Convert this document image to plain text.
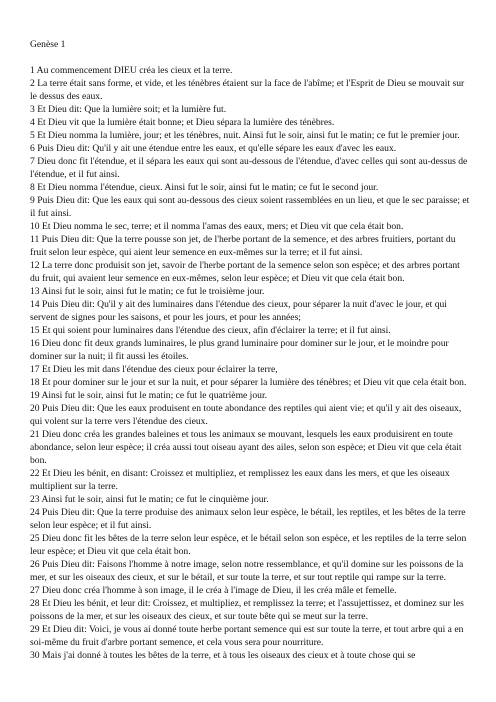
Genèse 1

1 Au commencement DIEU créa les cieux et la terre.

2 La terre était sans forme, et vide, et les ténèbres étaient sur la face de l'abîme; et l'Esprit de Dieu se mouvait sur le dessus des eaux.

3 Et Dieu dit: Que la lumière soit; et la lumière fut.

4 Et Dieu vit que la lumière était bonne; et Dieu sépara la lumière des ténèbres.

5 Et Dieu nomma la lumière, jour; et les ténèbres, nuit. Ainsi fut le soir, ainsi fut le matin; ce fut le premier jour.

6 Puis Dieu dit: Qu'il y ait une étendue entre les eaux, et qu'elle sépare les eaux d'avec les eaux.

7 Dieu donc fit l'étendue, et il sépara les eaux qui sont au-dessous de l'étendue, d'avec celles qui sont au-dessus de l'étendue, et il fut ainsi.

8 Et Dieu nomma l'étendue, cieux. Ainsi fut le soir, ainsi fut le matin; ce fut le second jour.

9 Puis Dieu dit: Que les eaux qui sont au-dessous des cieux soient rassemblées en un lieu, et que le sec paraisse; et il fut ainsi.

10 Et Dieu nomma le sec, terre; et il nomma l'amas des eaux, mers; et Dieu vit que cela était bon.

11 Puis Dieu dit: Que la terre pousse son jet, de l'herbe portant de la semence, et des arbres fruitiers, portant du fruit selon leur espèce, qui aient leur semence en eux-mêmes sur la terre; et il fut ainsi.

12 La terre donc produisit son jet, savoir de l'herbe portant de la semence selon son espèce; et des arbres portant du fruit, qui avaient leur semence en eux-mêmes, selon leur espèce; et Dieu vit que cela était bon.

13 Ainsi fut le soir, ainsi fut le matin; ce fut le troisième jour.

14 Puis Dieu dit: Qu'il y ait des luminaires dans l'étendue des cieux, pour séparer la nuit d'avec le jour, et qui servent de signes pour les saisons, et pour les jours, et pour les années;

15 Et qui soient pour luminaires dans l'étendue des cieux, afin d'éclairer la terre; et il fut ainsi.

16 Dieu donc fit deux grands luminaires, le plus grand luminaire pour dominer sur le jour, et le moindre pour dominer sur la nuit; il fit aussi les étoiles.

17 Et Dieu les mit dans l'étendue des cieux pour éclairer la terre,

18 Et pour dominer sur le jour et sur la nuit, et pour séparer la lumière des ténèbres; et Dieu vit que cela était bon.

19 Ainsi fut le soir, ainsi fut le matin; ce fut le quatrième jour.

20 Puis Dieu dit: Que les eaux produisent en toute abondance des reptiles qui aient vie; et qu'il y ait des oiseaux, qui volent sur la terre vers l'étendue des cieux.

21 Dieu donc créa les grandes baleines et tous les animaux se mouvant, lesquels les eaux produisirent en toute abondance, selon leur espèce; il créa aussi tout oiseau ayant des ailes, selon son espèce; et Dieu vit que cela était bon.

22 Et Dieu les bénit, en disant: Croissez et multipliez, et remplissez les eaux dans les mers, et que les oiseaux multiplient sur la terre.

23 Ainsi fut le soir, ainsi fut le matin; ce fut le cinquième jour.

24 Puis Dieu dit: Que la terre produise des animaux selon leur espèce, le bétail, les reptiles, et les bêtes de la terre selon leur espèce; et il fut ainsi.

25 Dieu donc fit les bêtes de la terre selon leur espèce, et le bétail selon son espèce, et les reptiles de la terre selon leur espèce; et Dieu vit que cela était bon.

26 Puis Dieu dit: Faisons l'homme à notre image, selon notre ressemblance, et qu'il domine sur les poissons de la mer, et sur les oiseaux des cieux, et sur le bétail, et sur toute la terre, et sur tout reptile qui rampe sur la terre.

27 Dieu donc créa l'homme à son image, il le créa à l'image de Dieu, il les créa mâle et femelle.

28 Et Dieu les bénit, et leur dit: Croissez, et multipliez, et remplissez la terre; et l'assujettissez, et dominez sur les poissons de la mer, et sur les oiseaux des cieux, et sur toute bête qui se meut sur la terre.

29 Et Dieu dit: Voici, je vous ai donné toute herbe portant semence qui est sur toute la terre, et tout arbre qui a en soi-même du fruit d'arbre portant semence, et cela vous sera pour nourriture.

30 Mais j'ai donné à toutes les bêtes de la terre, et à tous les oiseaux des cieux et à toute chose qui se
